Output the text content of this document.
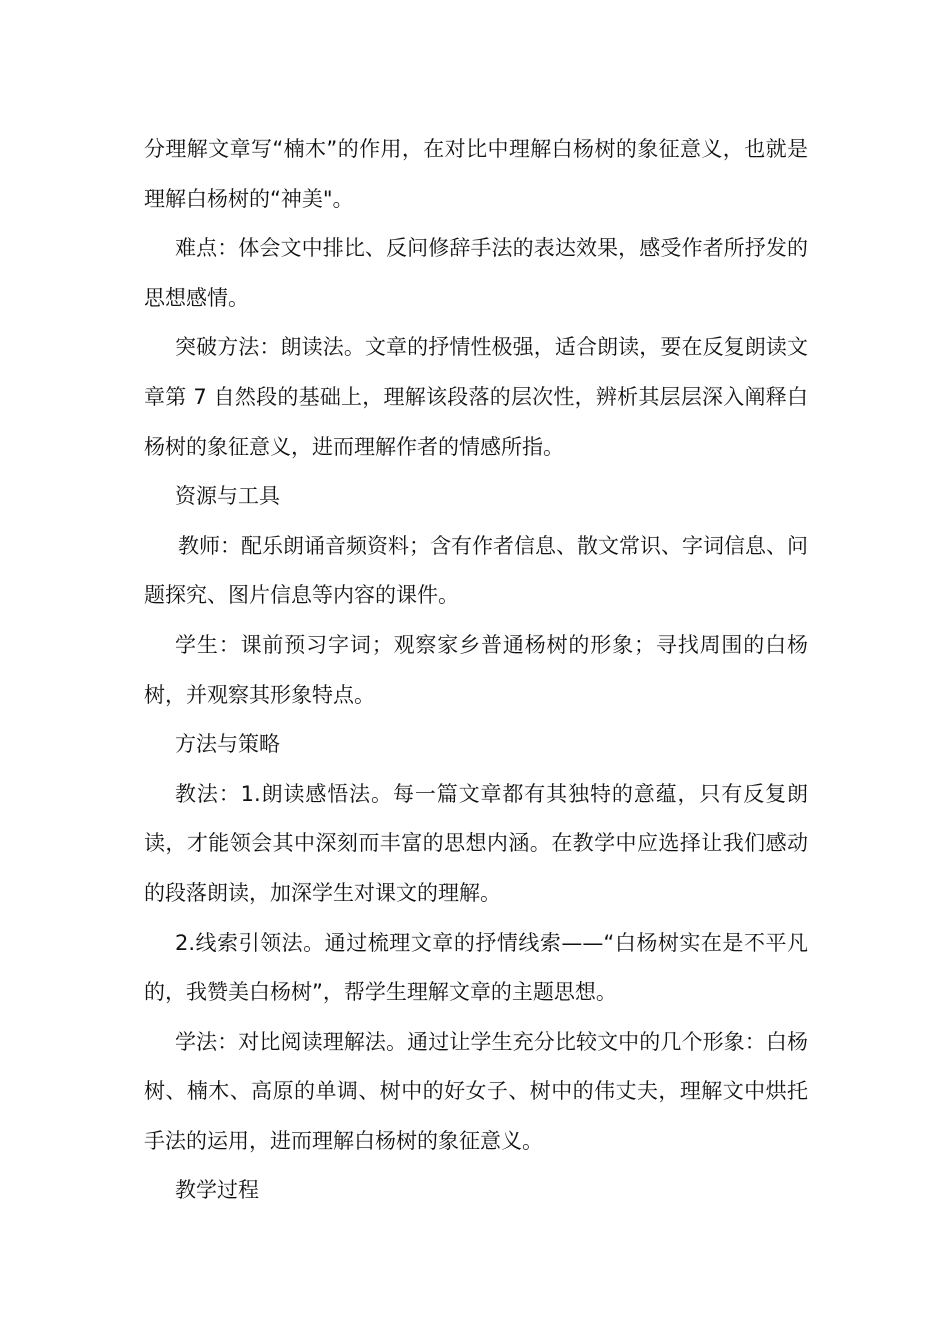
分理解文章写“楠木”的作用，在对比中理解白杨树的象征意义，也就是理解白杨树的“神美"。

难点：体会文中排比、反问修辞手法的表达效果，感受作者所抒发的思想感情。

突破方法：朗读法。文章的抒情性极强，适合朗读，要在反复朗读文章第 7 自然段的基础上，理解该段落的层次性，辨析其层层深入阐释白杨树的象征意义，进而理解作者的情感所指。

资源与工具

教师：配乐朗诵音频资料；含有作者信息、散文常识、字词信息、问题探究、图片信息等内容的课件。

学生：课前预习字词；观察家乡普通杨树的形象；寻找周围的白杨树，并观察其形象特点。

方法与策略

教法：1.朗读感悟法。每一篇文章都有其独特的意蕴，只有反复朗读，才能领会其中深刻而丰富的思想内涵。在教学中应选择让我们感动的段落朗读，加深学生对课文的理解。

2.线索引领法。通过梳理文章的抒情线索——“白杨树实在是不平凡的，我赞美白杨树”，帮学生理解文章的主题思想。

学法：对比阅读理解法。通过让学生充分比较文中的几个形象：白杨树、楠木、高原的单调、树中的好女子、树中的伟丈夫，理解文中烘托手法的运用，进而理解白杨树的象征意义。

教学过程
